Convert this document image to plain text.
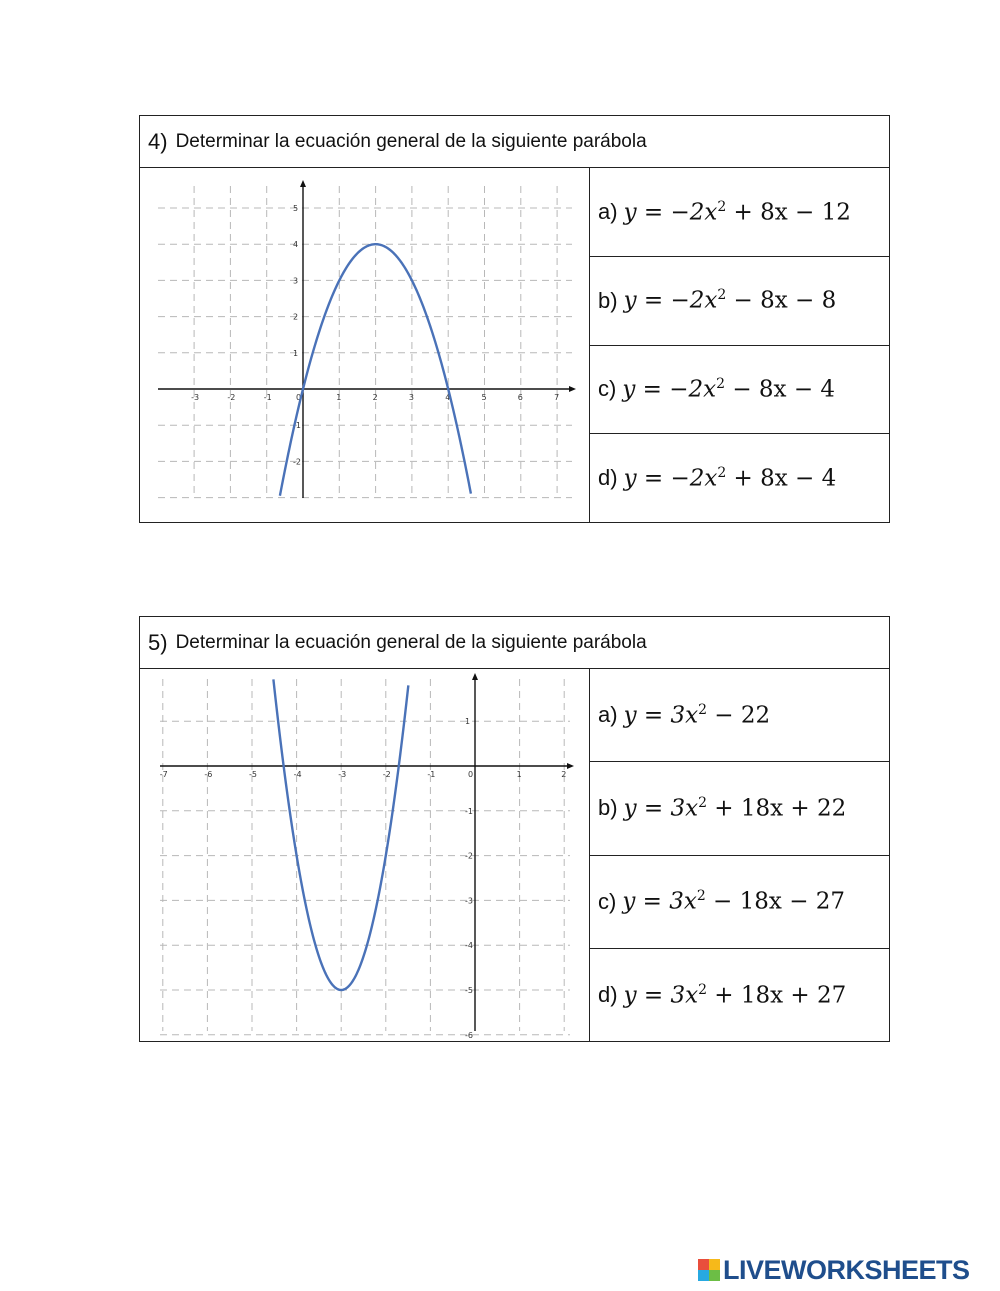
4) Determinar la ecuación general de la siguiente parábola
-3	-2	-1	0	1	2	3	4	5	6	7
-2
-1
1
2
3
4
5	a) $y = -2x^2 + 8x - 12$
b) $y = -2x^2 - 8x - 8$
c) $y = -2x^2 - 8x - 4$
d) $y = -2x^2 + 8x - 4$
5) Determinar la ecuación general de la siguiente parábola
-7	-6	-5	-4	-3	-2	-1	0	1	2
-6
-5
-4
-3
-2
-1
1	a) $y = 3x^2 - 22$
b) $y = 3x^2 + 18x + 22$
c) $y = 3x^2 - 18x - 27$
d) $y = 3x^2 + 18x + 27$
LIVEWORKSHEETS
